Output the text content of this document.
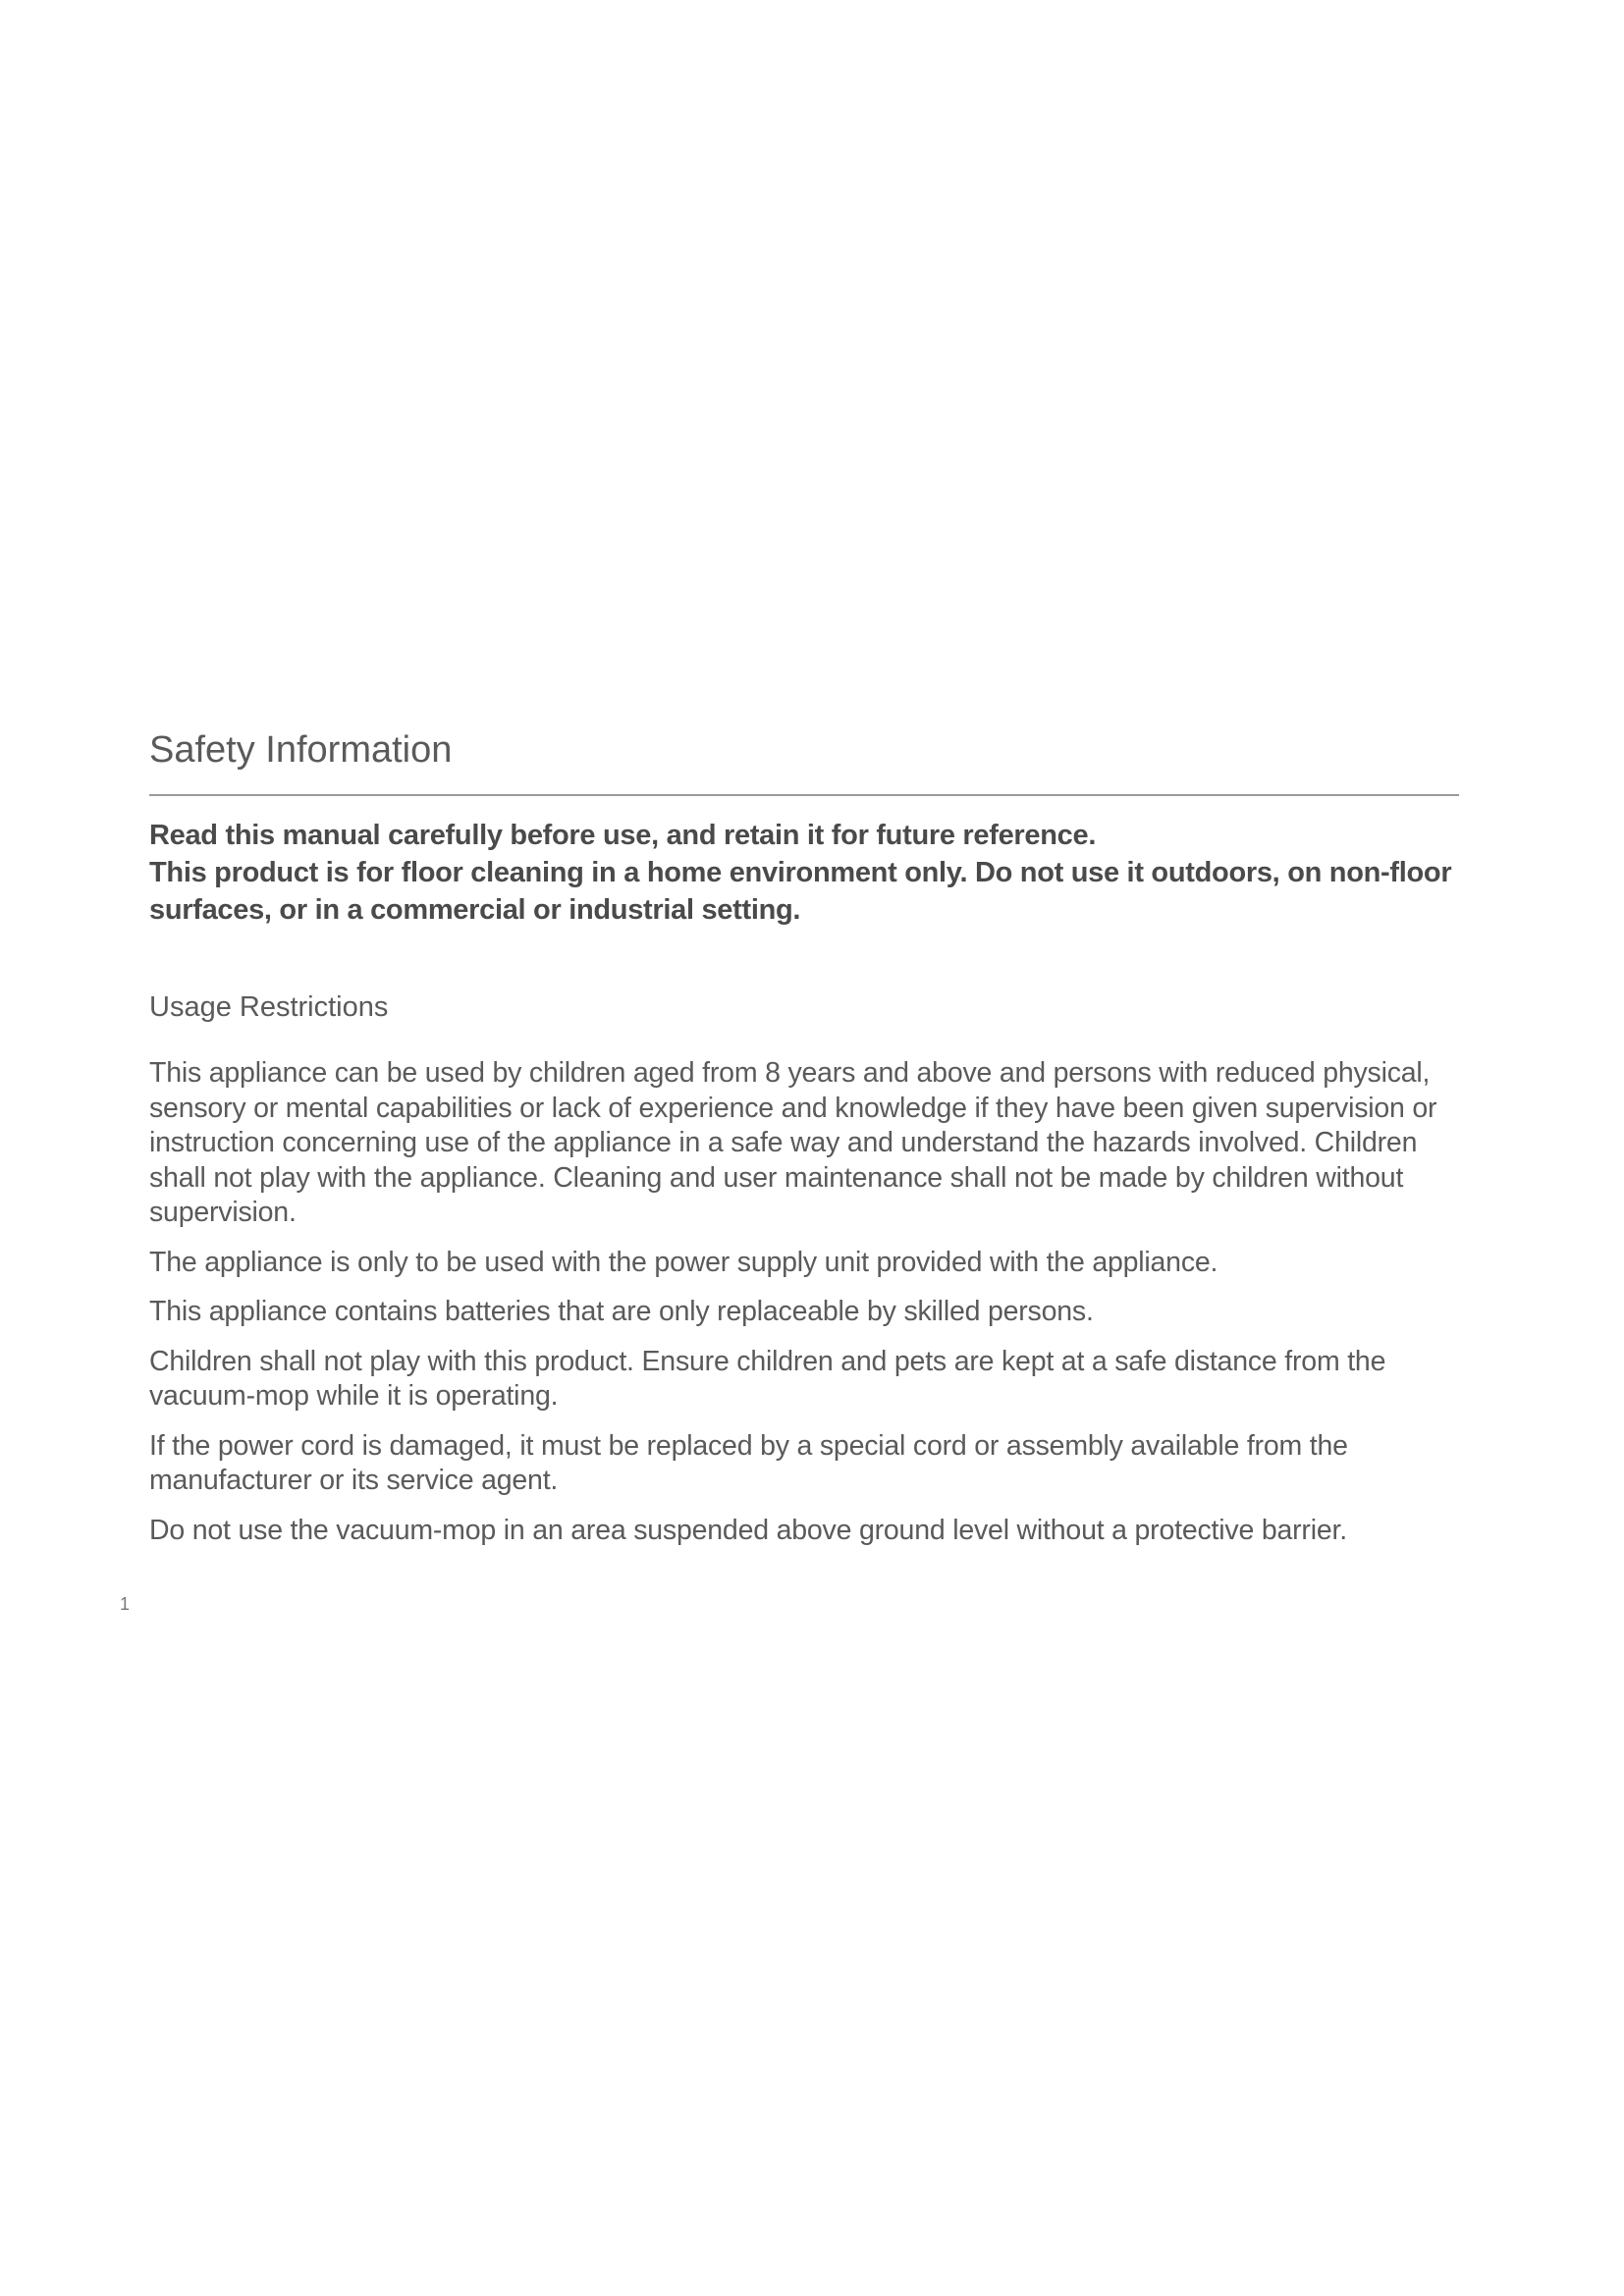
Safety Information

Read this manual carefully before use, and retain it for future reference.

This product is for floor cleaning in a home environment only. Do not use it outdoors, on non-floor surfaces, or in a commercial or industrial setting.

Usage Restrictions

This appliance can be used by children aged from 8 years and above and persons with reduced physical, sensory or mental capabilities or lack of experience and knowledge if they have been given supervision or instruction concerning use of the appliance in a safe way and understand the hazards involved. Children shall not play with the appliance. Cleaning and user maintenance shall not be made by children without supervision.

The appliance is only to be used with the power supply unit provided with the appliance.

This appliance contains batteries that are only replaceable by skilled persons.

Children shall not play with this product. Ensure children and pets are kept at a safe distance from the vacuum-mop while it is operating.

If the power cord is damaged, it must be replaced by a special cord or assembly available from the manufacturer or its service agent.

Do not use the vacuum-mop in an area suspended above ground level without a protective barrier.

1
